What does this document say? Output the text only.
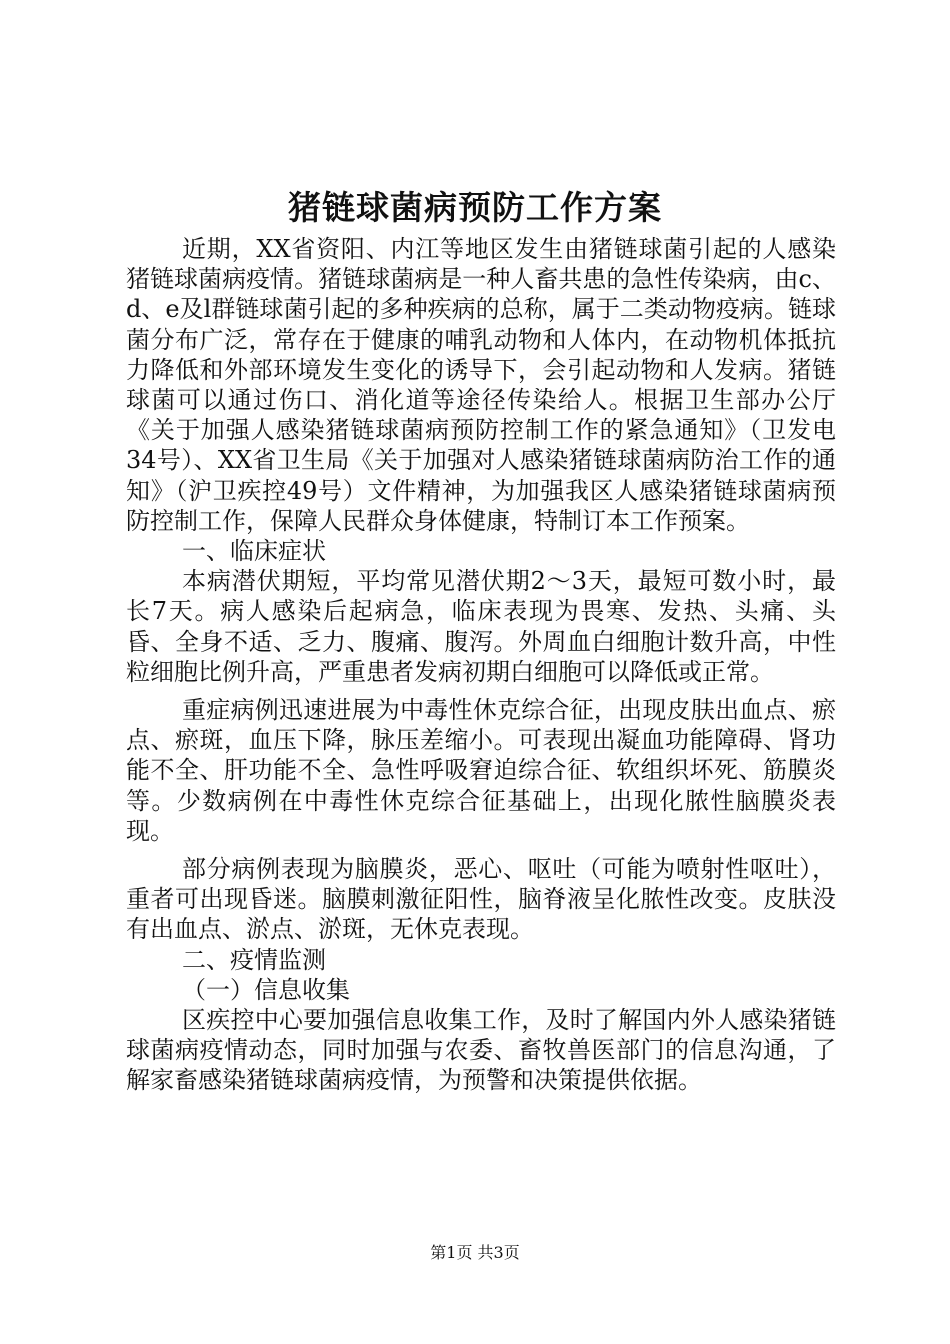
猪链球菌病预防工作方案

近期，XX省资阳、内江等地区发生由猪链球菌引起的人感染猪链球菌病疫情。猪链球菌病是一种人畜共患的急性传染病，由c、d、e及l群链球菌引起的多种疾病的总称，属于二类动物疫病。链球菌分布广泛，常存在于健康的哺乳动物和人体内，在动物机体抵抗力降低和外部环境发生变化的诱导下，会引起动物和人发病。猪链球菌可以通过伤口、消化道等途径传染给人。根据卫生部办公厅《关于加强人感染猪链球菌病预防控制工作的紧急通知》（卫发电34号）、XX省卫生局《关于加强对人感染猪链球菌病防治工作的通知》（沪卫疾控49号）文件精神，为加强我区人感染猪链球菌病预防控制工作，保障人民群众身体健康，特制订本工作预案。

一、临床症状

本病潜伏期短，平均常见潜伏期2～3天，最短可数小时，最长7天。病人感染后起病急，临床表现为畏寒、发热、头痛、头昏、全身不适、乏力、腹痛、腹泻。外周血白细胞计数升高，中性粒细胞比例升高，严重患者发病初期白细胞可以降低或正常。

重症病例迅速进展为中毒性休克综合征，出现皮肤出血点、瘀点、瘀斑，血压下降，脉压差缩小。可表现出凝血功能障碍、肾功能不全、肝功能不全、急性呼吸窘迫综合征、软组织坏死、筋膜炎等。少数病例在中毒性休克综合征基础上，出现化脓性脑膜炎表现。

部分病例表现为脑膜炎，恶心、呕吐（可能为喷射性呕吐），重者可出现昏迷。脑膜刺激征阳性，脑脊液呈化脓性改变。皮肤没有出血点、淤点、淤斑，无休克表现。

二、疫情监测

（一）信息收集

区疾控中心要加强信息收集工作，及时了解国内外人感染猪链球菌病疫情动态，同时加强与农委、畜牧兽医部门的信息沟通，了解家畜感染猪链球菌病疫情，为预警和决策提供依据。

第1页 共3页
